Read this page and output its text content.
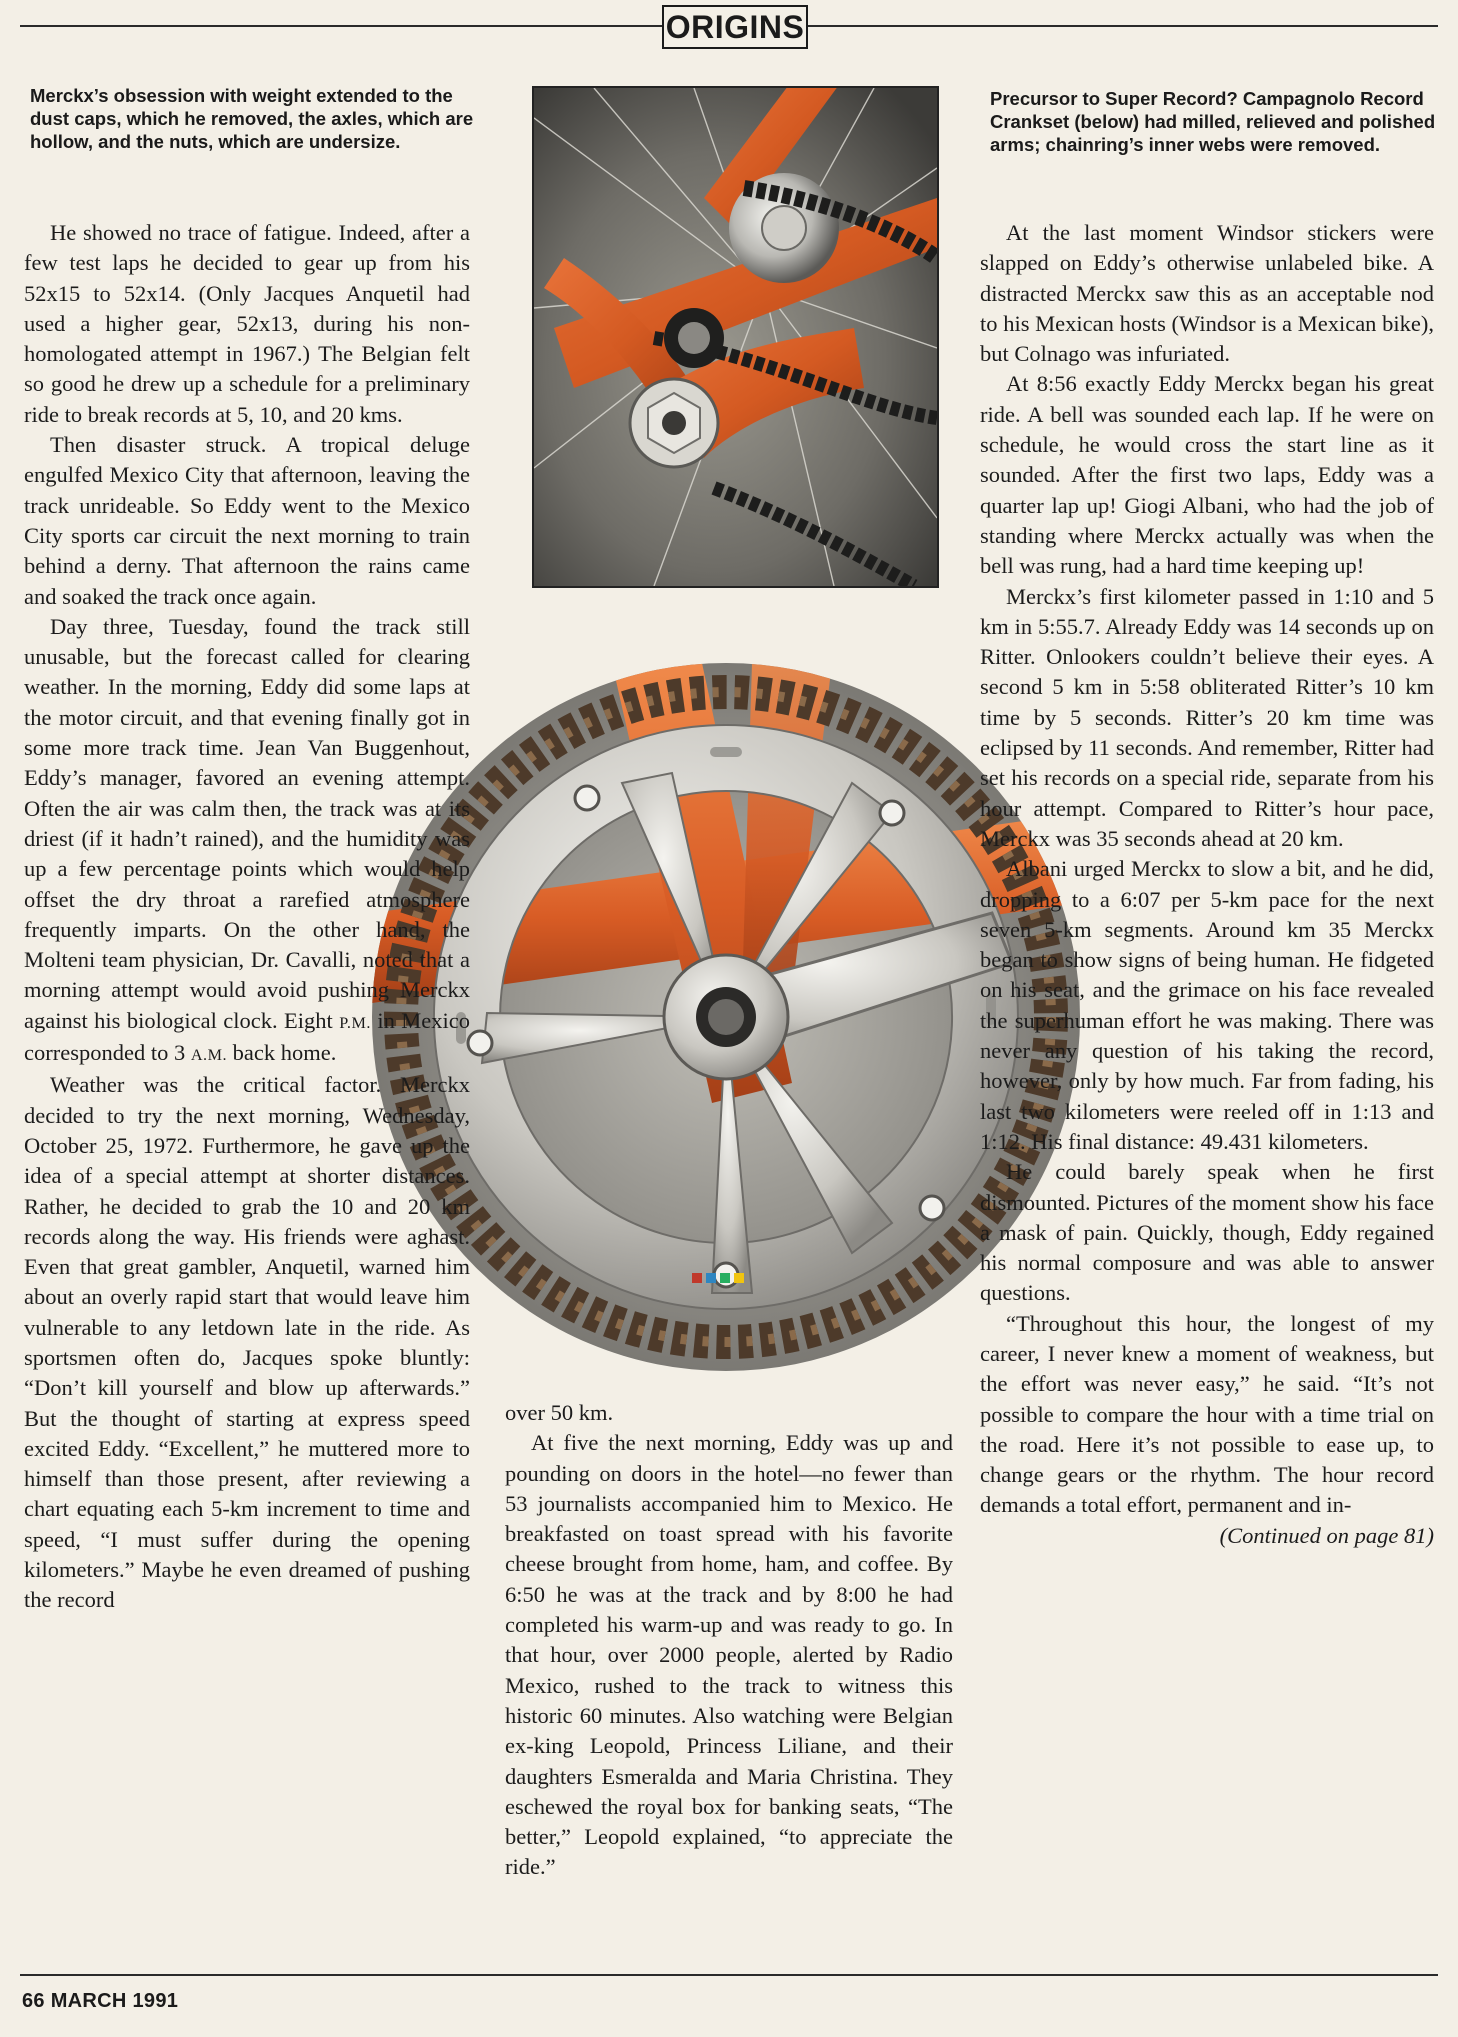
ORIGINS
Merckx’s obsession with weight extended to the dust caps, which he removed, the axles, which are hollow, and the nuts, which are undersize.
Precursor to Super Record? Campagnolo Record Crankset (below) had milled, relieved and polished arms; chainring’s inner webs were removed.

He showed no trace of fatigue. Indeed, after a few test laps he decided to gear up from his 52x15 to 52x14. (Only Jacques Anquetil had used a higher gear, 52x13, during his non-homologated attempt in 1967.) The Belgian felt so good he drew up a schedule for a preliminary ride to break records at 5, 10, and 20 kms.

Then disaster struck. A tropical deluge engulfed Mexico City that afternoon, leaving the track unrideable. So Eddy went to the Mexico City sports car circuit the next morning to train behind a derny. That afternoon the rains came and soaked the track once again.

Day three, Tuesday, found the track still unusable, but the forecast called for clearing weather. In the morning, Eddy did some laps at the motor circuit, and that evening finally got in some more track time. Jean Van Buggenhout, Eddy’s manager, favored an evening attempt. Often the air was calm then, the track was at its driest (if it hadn’t rained), and the humidity was up a few percentage points which would help offset the dry throat a rarefied atmosphere frequently imparts. On the other hand, the Molteni team physician, Dr. Cavalli, noted that a morning attempt would avoid pushing Merckx against his biological clock. Eight P.M. in Mexico corresponded to 3 A.M. back home.

Weather was the critical factor. Merckx decided to try the next morning, Wednesday, October 25, 1972. Furthermore, he gave up the idea of a special attempt at shorter distances. Rather, he decided to grab the 10 and 20 km records along the way. His friends were aghast. Even that great gambler, Anquetil, warned him about an overly rapid start that would leave him vulnerable to any letdown late in the ride. As sportsmen often do, Jacques spoke bluntly: “Don’t kill yourself and blow up afterwards.” But the thought of starting at express speed excited Eddy. “Excellent,” he muttered more to himself than those present, after reviewing a chart equating each 5-km increment to time and speed, “I must suffer during the opening kilometers.” Maybe he even dreamed of pushing the record

over 50 km.

At five the next morning, Eddy was up and pounding on doors in the hotel—no fewer than 53 journalists accompanied him to Mexico. He breakfasted on toast spread with his favorite cheese brought from home, ham, and coffee. By 6:50 he was at the track and by 8:00 he had completed his warm-up and was ready to go. In that hour, over 2000 people, alerted by Radio Mexico, rushed to the track to witness this historic 60 minutes. Also watching were Belgian ex-king Leopold, Princess Liliane, and their daughters Esmeralda and Maria Christina. They eschewed the royal box for banking seats, “The better,” Leopold explained, “to appreciate the ride.”

At the last moment Windsor stickers were slapped on Eddy’s otherwise unlabeled bike. A distracted Merckx saw this as an acceptable nod to his Mexican hosts (Windsor is a Mexican bike), but Colnago was infuriated.

At 8:56 exactly Eddy Merckx began his great ride. A bell was sounded each lap. If he were on schedule, he would cross the start line as it sounded. After the first two laps, Eddy was a quarter lap up! Giogi Albani, who had the job of standing where Merckx actually was when the bell was rung, had a hard time keeping up!

Merckx’s first kilometer passed in 1:10 and 5 km in 5:55.7. Already Eddy was 14 seconds up on Ritter. Onlookers couldn’t believe their eyes. A second 5 km in 5:58 obliterated Ritter’s 10 km time by 5 seconds. Ritter’s 20 km time was eclipsed by 11 seconds. And remember, Ritter had set his records on a special ride, separate from his hour attempt. Compared to Ritter’s hour pace, Merckx was 35 seconds ahead at 20 km.

Albani urged Merckx to slow a bit, and he did, dropping to a 6:07 per 5-km pace for the next seven 5-km segments. Around km 35 Merckx began to show signs of being human. He fidgeted on his seat, and the grimace on his face revealed the superhuman effort he was making. There was never any question of his taking the record, however, only by how much. Far from fading, his last two kilometers were reeled off in 1:13 and 1:12. His final distance: 49.431 kilometers.

He could barely speak when he first dismounted. Pictures of the moment show his face a mask of pain. Quickly, though, Eddy regained his normal composure and was able to answer questions.

“Throughout this hour, the longest of my career, I never knew a moment of weakness, but the effort was never easy,” he said. “It’s not possible to compare the hour with a time trial on the road. Here it’s not possible to ease up, to change gears or the rhythm. The hour record demands a total effort, permanent and in-

(Continued on page 81)

66 MARCH 1991
